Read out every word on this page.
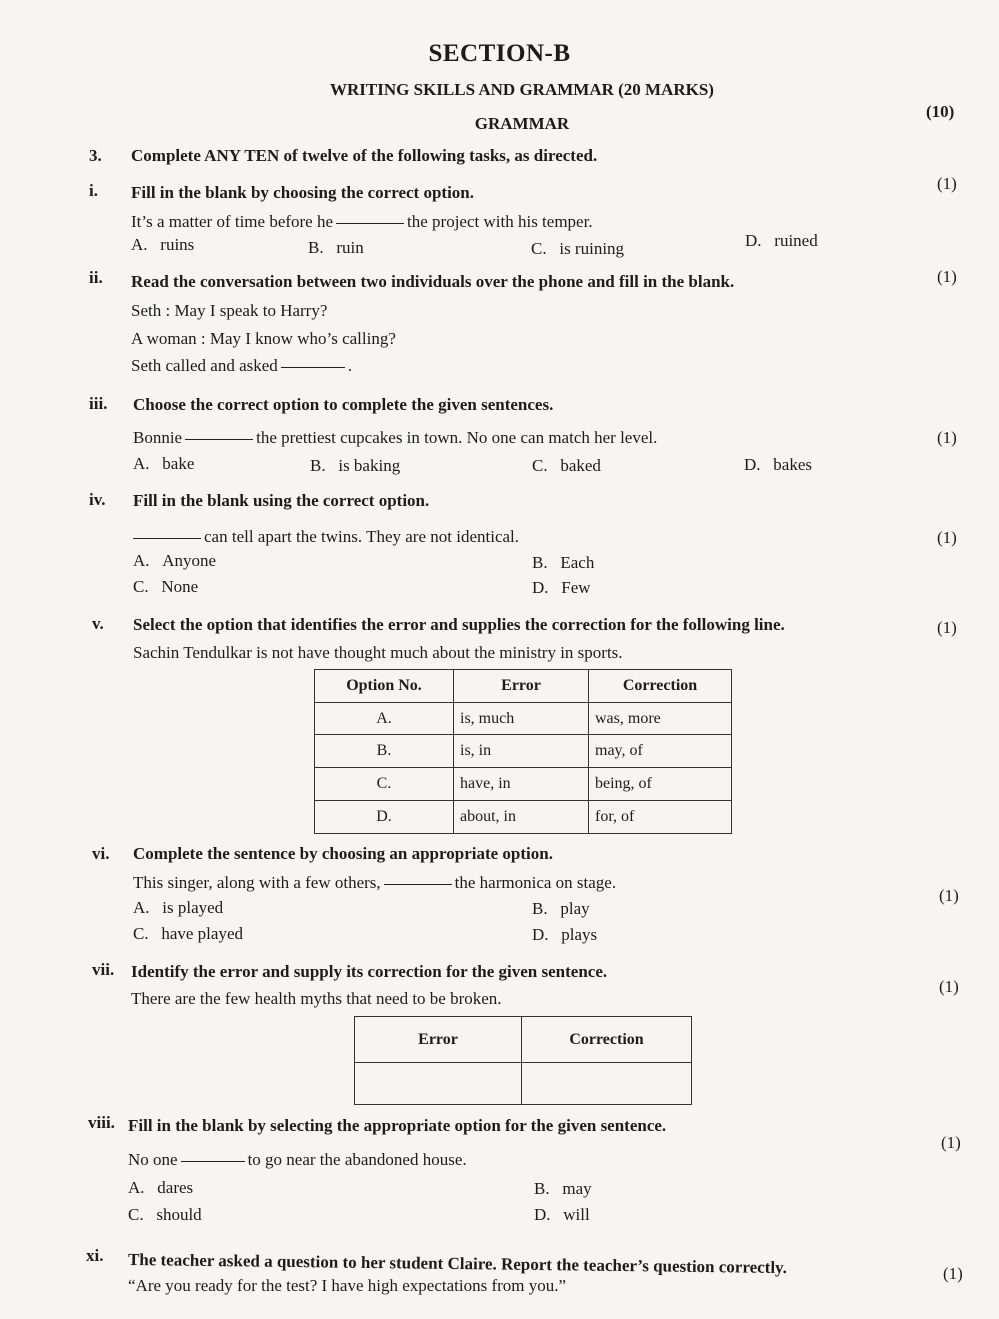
SECTION-B
WRITING SKILLS AND GRAMMAR (20 MARKS)
GRAMMAR
(10)
3. Complete ANY TEN of twelve of the following tasks, as directed.
i. Fill in the blank by choosing the correct option.	(1)
It’s a matter of time before he	the project with his temper.
A. ruins	B. ruin	C. is ruining	D. ruined
ii. Read the conversation between two individuals over the phone and fill in the blank.	(1)
Seth : May I speak to Harry?
A woman : May I know who’s calling?
Seth called and asked	.
iii. Choose the correct option to complete the given sentences.
(1)
Bonnie	the prettiest cupcakes in town. No one can match her level.
A. bake	B. is baking	C. baked	D. bakes
iv. Fill in the blank using the correct option.
(1)
can tell apart the twins. They are not identical.
A. Anyone	B. Each
C. None	D. Few
v. Select the option that identifies the error and supplies the correction for the following line.	(1)
Sachin Tendulkar is not have thought much about the ministry in sports.
Option No.	Error	Correction
A.	is, much	was, more
B.	is, in	may, of
C.	have, in	being, of
D.	about, in	for, of
vi. Complete the sentence by choosing an appropriate option.
(1)
This singer, along with a few others,	the harmonica on stage.
A. is played	B. play
C. have played	D. plays
vii. Identify the error and supply its correction for the given sentence.
(1)
There are the few health myths that need to be broken.
Error	Correction

viii. Fill in the blank by selecting the appropriate option for the given sentence.
(1)
No one	to go near the abandoned house.
A. dares	B. may
C. should	D. will
xi. The teacher asked a question to her student Claire. Report the teacher’s question correctly.	(1)
“Are you ready for the test? I have high expectations from you.”
